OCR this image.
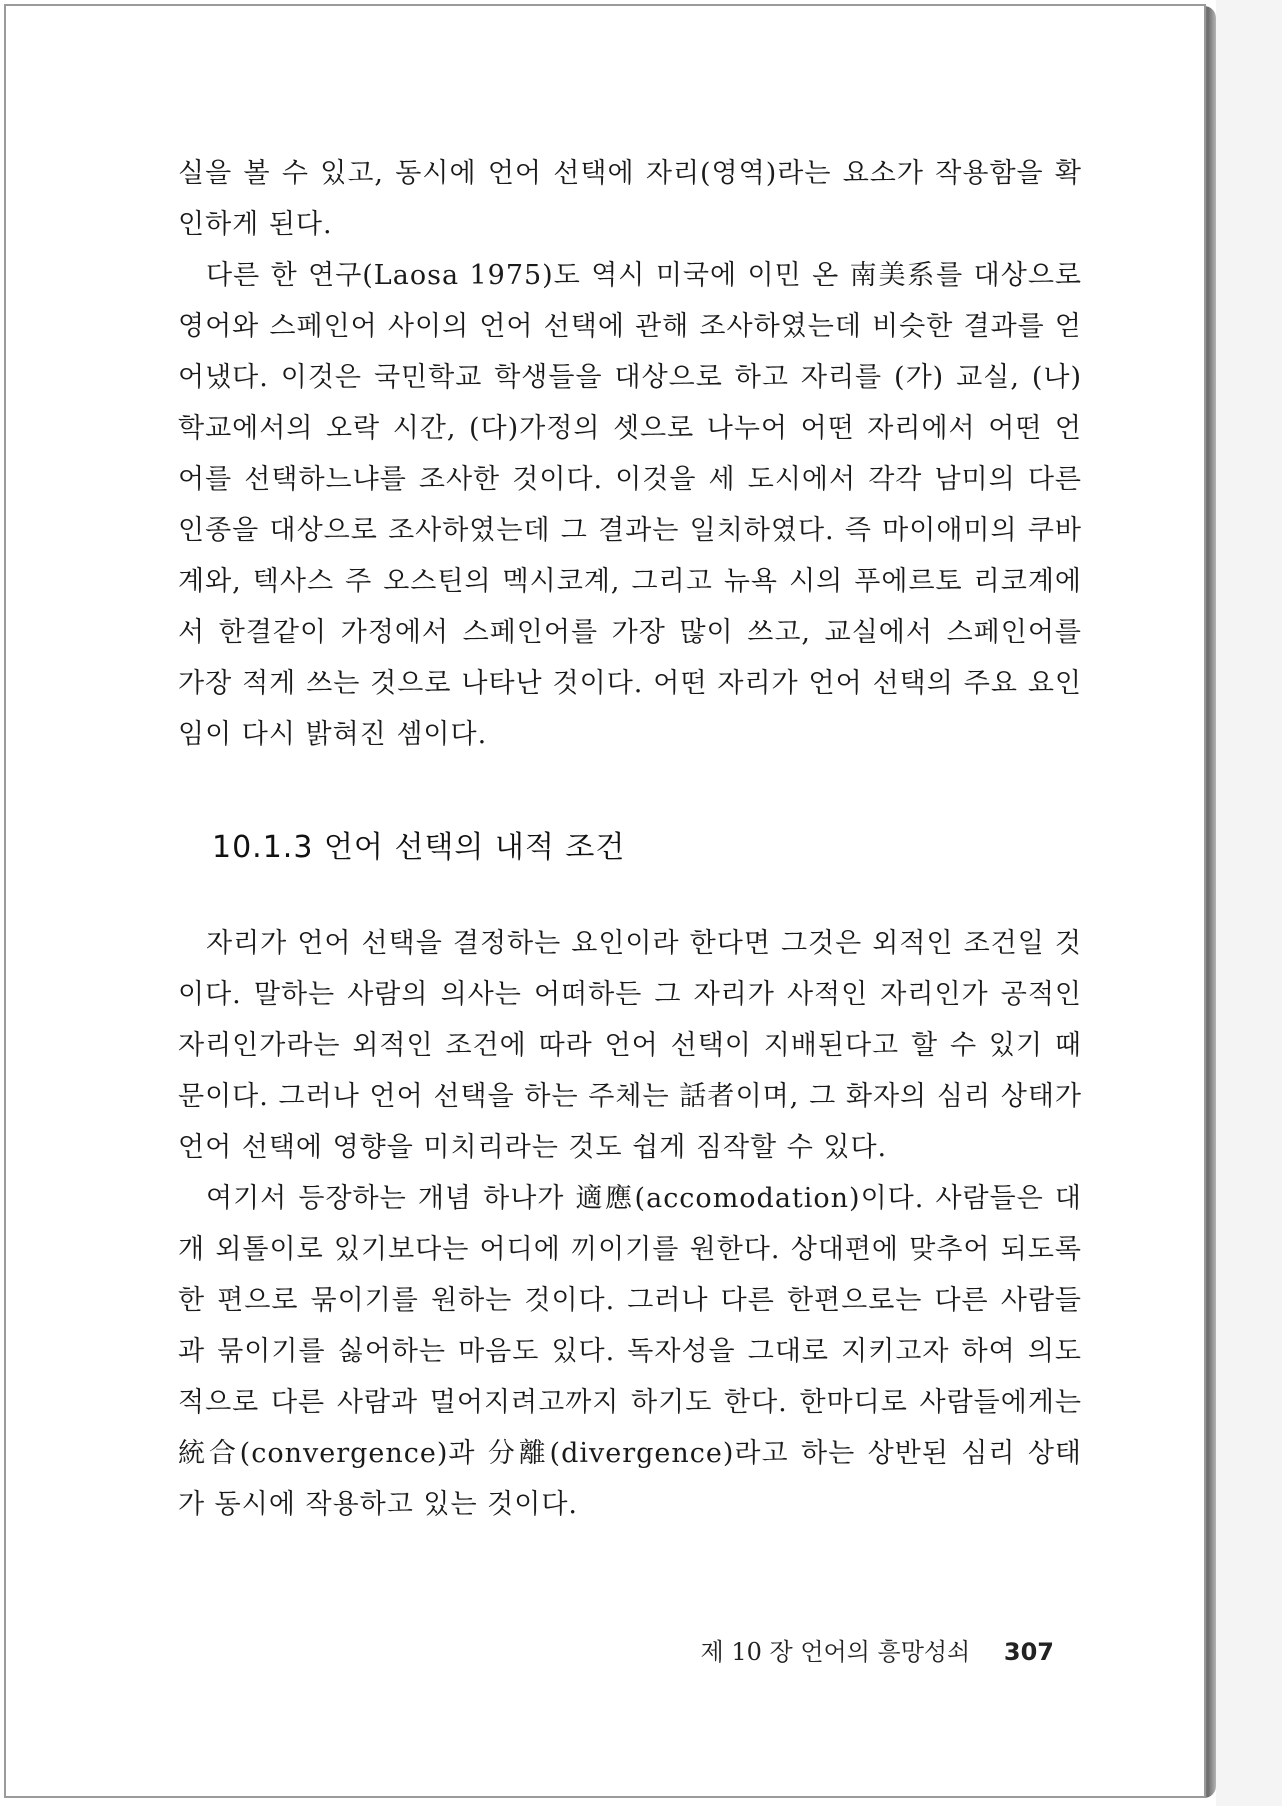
실을 볼 수 있고, 동시에 언어 선택에 자리(영역)라는 요소가 작용함을 확인하게 된다.

다른 한 연구(Laosa 1975)도 역시 미국에 이민 온 南美系를 대상으로 영어와 스페인어 사이의 언어 선택에 관해 조사하였는데 비슷한 결과를 얻어냈다. 이것은 국민학교 학생들을 대상으로 하고 자리를 (가) 교실, (나)학교에서의 오락 시간, (다)가정의 셋으로 나누어 어떤 자리에서 어떤 언어를 선택하느냐를 조사한 것이다. 이것을 세 도시에서 각각 남미의 다른 인종을 대상으로 조사하였는데 그 결과는 일치하였다. 즉 마이애미의 쿠바계와, 텍사스 주 오스틴의 멕시코계, 그리고 뉴욕 시의 푸에르토 리코계에서 한결같이 가정에서 스페인어를 가장 많이 쓰고, 교실에서 스페인어를 가장 적게 쓰는 것으로 나타난 것이다. 어떤 자리가 언어 선택의 주요 요인임이 다시 밝혀진 셈이다.

10.1.3 언어 선택의 내적 조건

자리가 언어 선택을 결정하는 요인이라 한다면 그것은 외적인 조건일 것이다. 말하는 사람의 의사는 어떠하든 그 자리가 사적인 자리인가 공적인 자리인가라는 외적인 조건에 따라 언어 선택이 지배된다고 할 수 있기 때문이다. 그러나 언어 선택을 하는 주체는 話者이며, 그 화자의 심리 상태가 언어 선택에 영향을 미치리라는 것도 쉽게 짐작할 수 있다.

여기서 등장하는 개념 하나가 適應(accomodation)이다. 사람들은 대개 외톨이로 있기보다는 어디에 끼이기를 원한다. 상대편에 맞추어 되도록 한 편으로 묶이기를 원하는 것이다. 그러나 다른 한편으로는 다른 사람들과 묶이기를 싫어하는 마음도 있다. 독자성을 그대로 지키고자 하여 의도적으로 다른 사람과 멀어지려고까지 하기도 한다. 한마디로 사람들에게는 統合(convergence)과 分離(divergence)라고 하는 상반된 심리 상태가 동시에 작용하고 있는 것이다.

제 10 장 언어의 흥망성쇠 307
